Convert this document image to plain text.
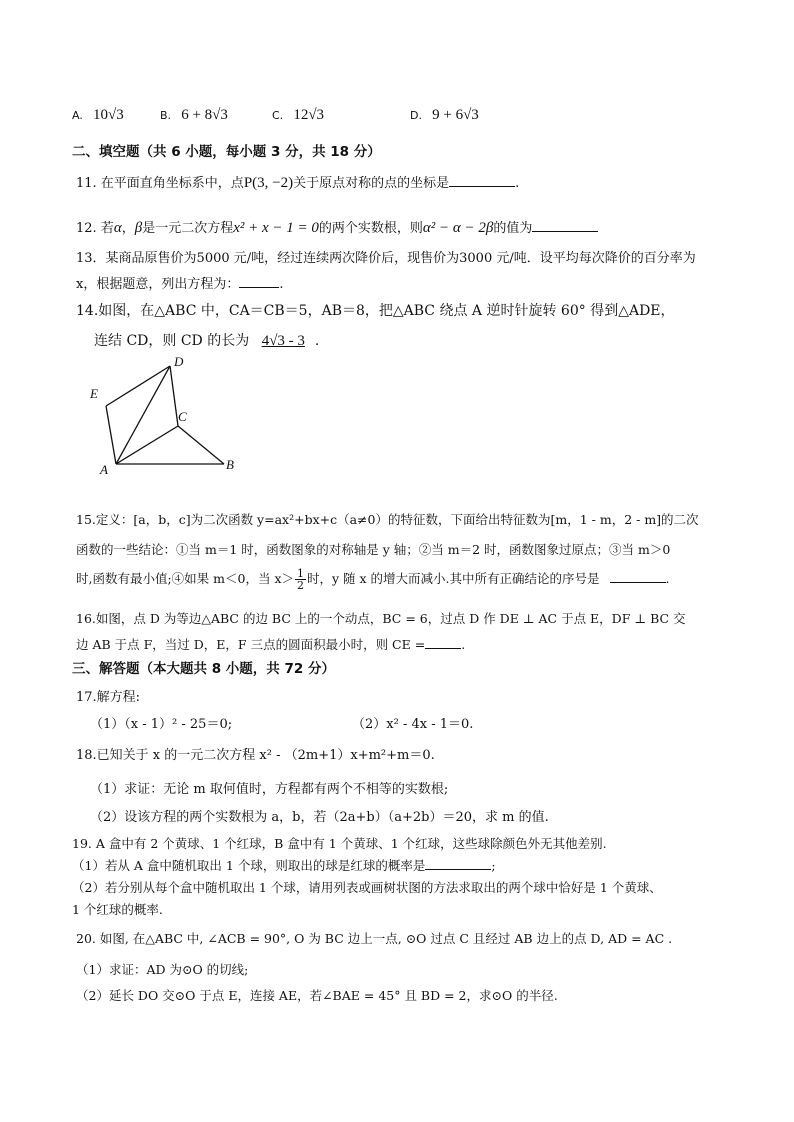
A. 10√3	B. 6 + 8√3	C. 12√3	D. 9 + 6√3
二、填空题（共 6 小题，每小题 3 分，共 18 分）
11. 在平面直角坐标系中，点P(3, −2)关于原点对称的点的坐标是	.
12. 若α，β是一元二次方程x² + x − 1 = 0的两个实数根，则α² − α − 2β的值为
13．某商品原售价为5000 元/吨，经过连续两次降价后，现售价为3000 元/吨．设平均每次降价的百分率为
x，根据题意，列出方程为：	.
14.如图，在△ABC 中，CA＝CB＝5，AB＝8，把△ABC 绕点 A 逆时针旋转 60° 得到△ADE，
连结 CD，则 CD 的长为 4√3 - 3 .
D
E
C
A	B
15.定义：[a，b，c]为二次函数 y=ax²+bx+c（a≠0）的特征数，下面给出特征数为[m，1 - m，2 - m]的二次
函数的一些结论：①当 m＝1 时，函数图象的对称轴是 y 轴；②当 m＝2 时，函数图象过原点；③当 m＞0
时,函数有最小值;④如果 m＜0，当 $x> \frac{1}{2}$ 时，y 随 x 的增大而减小.其中所有正确结论的序号是	.
16.如图，点 D 为等边△ABC 的边 BC 上的一个动点，BC = 6，过点 D 作 DE ⊥ AC 于点 E，DF ⊥ BC 交
边 AB 于点 F，当过 D，E，F 三点的圆面积最小时，则 CE =	.
三、解答题（本大题共 8 小题，共 72 分）
17.解方程:
（1）（x - 1）² - 25＝0;	（2）x² - 4x - 1＝0.
18.已知关于 x 的一元二次方程 x² - （2m+1）x+m²+m＝0.
（1）求证：无论 m 取何值时，方程都有两个不相等的实数根;
（2）设该方程的两个实数根为 a，b，若（2a+b）（a+2b）＝20，求 m 的值.
19. A 盒中有 2 个黄球、1 个红球，B 盒中有 1 个黄球、1 个红球，这些球除颜色外无其他差别.
（1）若从 A 盒中随机取出 1 个球，则取出的球是红球的概率是	;
（2）若分别从每个盒中随机取出 1 个球，请用列表或画树状图的方法求取出的两个球中恰好是 1 个黄球、
1 个红球的概率.
20. 如图, 在△ABC 中, ∠ACB = 90°, O 为 BC 边上一点, ⊙O 过点 C 且经过 AB 边上的点 D, AD = AC .
（1）求证：AD 为⊙O 的切线;
（2）延长 DO 交⊙O 于点 E，连接 AE，若∠BAE = 45° 且 BD = 2，求⊙O 的半径.
